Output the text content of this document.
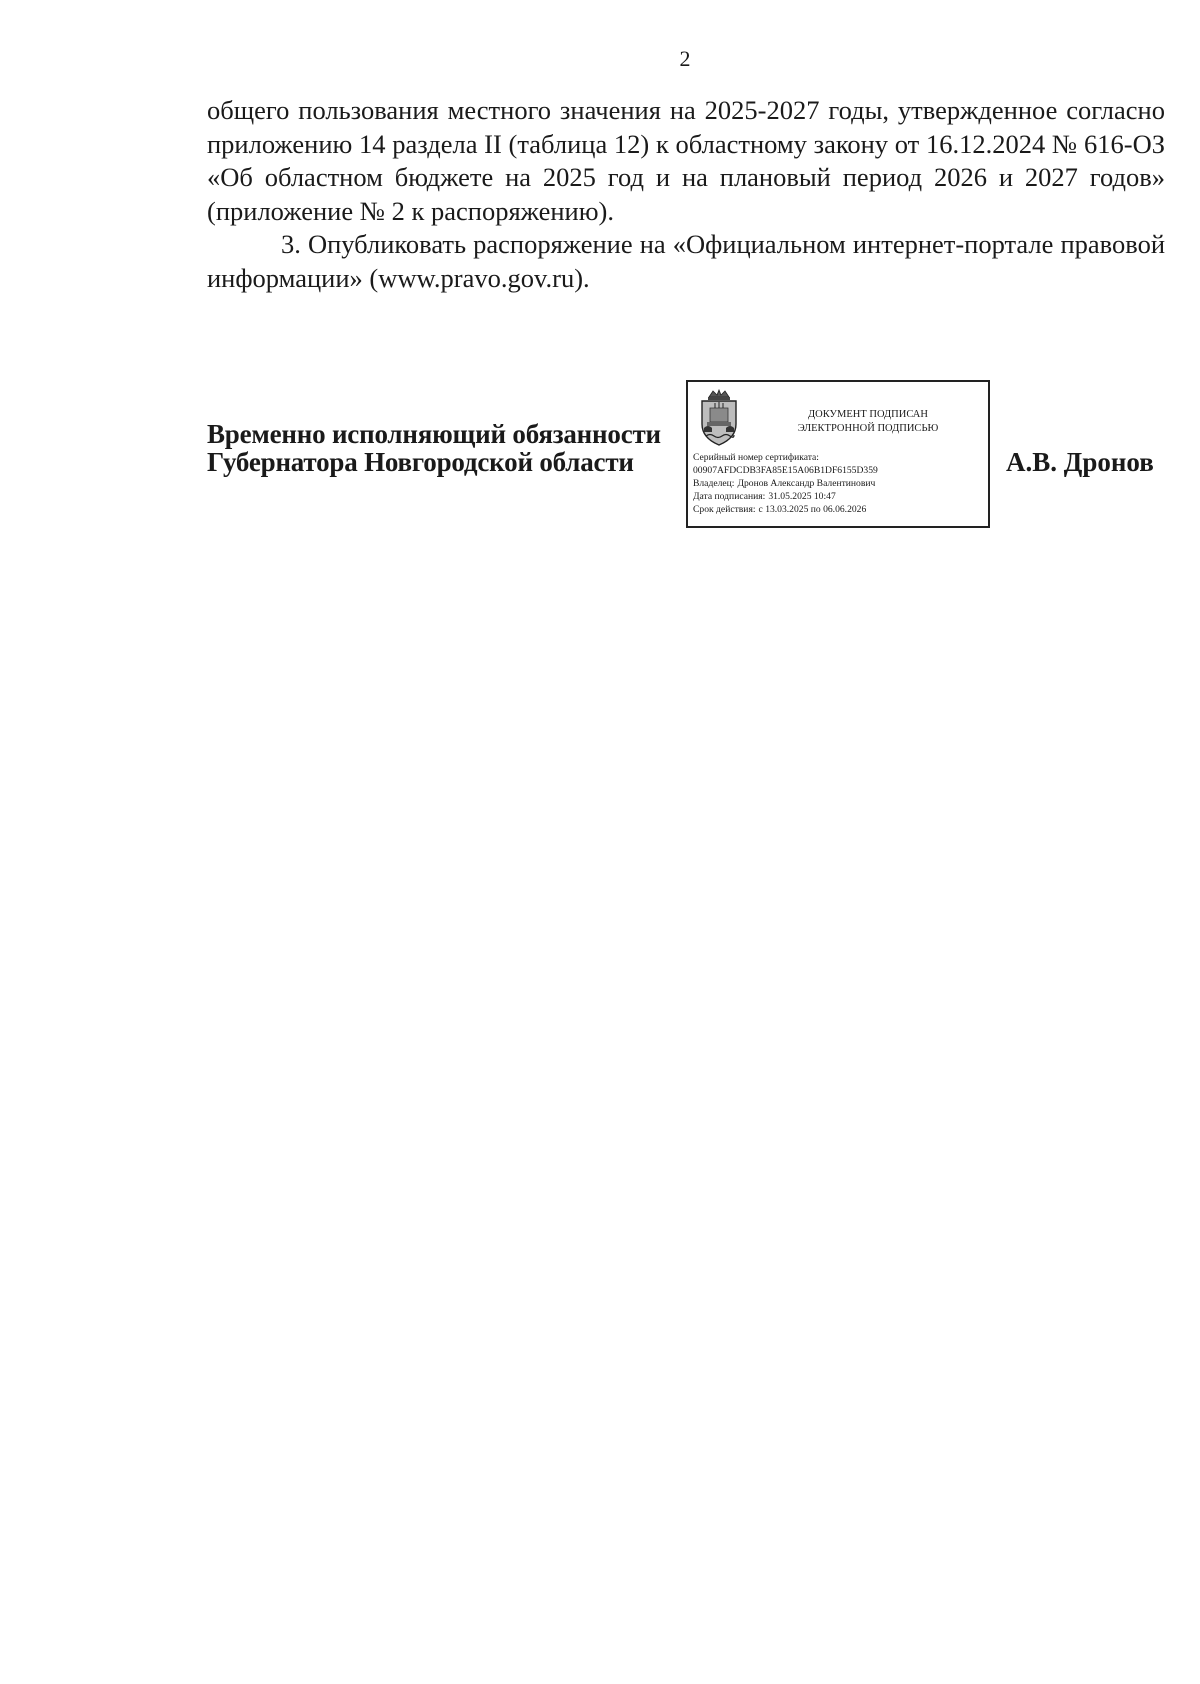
2

общего пользования местного значения на 2025-2027 годы, утвержденное согласно приложению 14 раздела II (таблица 12) к областному закону от 16.12.2024 № 616-ОЗ «Об областном бюджете на 2025 год и на плановый период 2026 и 2027 годов» (приложение № 2 к распоряжению).

3. Опубликовать распоряжение на «Официальном интернет-портале правовой информации» (www.pravo.gov.ru).

Временно исполняющий обязанности
Губернатора Новгородской области
ДОКУМЕНТ ПОДПИСАН
ЭЛЕКТРОННОЙ ПОДПИСЬЮ
Серийный номер сертификата:
00907AFDCDB3FA85E15A06B1DF6155D359
Владелец: Дронов Александр Валентинович
Дата подписания: 31.05.2025 10:47
Срок действия: с 13.03.2025 по 06.06.2026
А.В. Дронов
